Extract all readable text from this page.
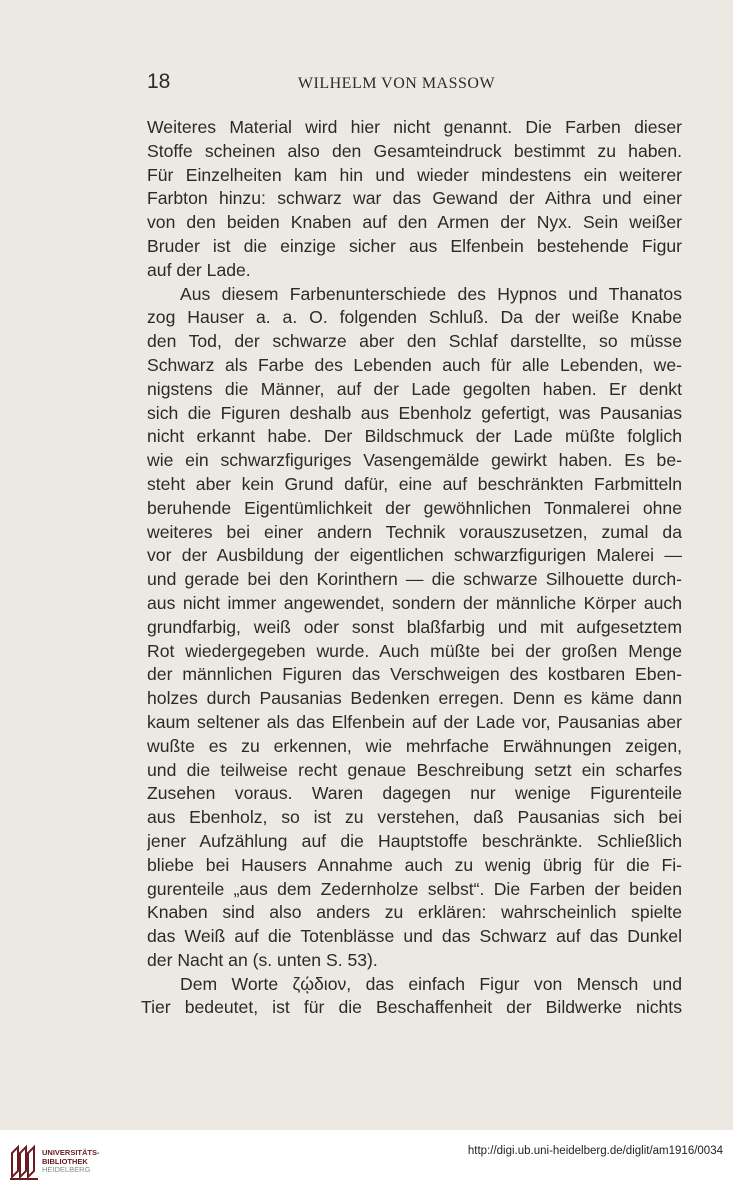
18	WILHELM VON MASSOW
Weiteres Material wird hier nicht genannt. Die Farben dieser
Stoffe scheinen also den Gesamteindruck bestimmt zu haben.
Für Einzelheiten kam hin und wieder mindestens ein weiterer
Farbton hinzu: schwarz war das Gewand der Aithra und einer
von den beiden Knaben auf den Armen der Nyx. Sein weißer
Bruder ist die einzige sicher aus Elfenbein bestehende Figur
auf der Lade.
Aus diesem Farbenunterschiede des Hypnos und Thanatos
zog Hauser a. a. O. folgenden Schluß. Da der weiße Knabe
den Tod, der schwarze aber den Schlaf darstellte, so müsse
Schwarz als Farbe des Lebenden auch für alle Lebenden, we-
nigstens die Männer, auf der Lade gegolten haben. Er denkt
sich die Figuren deshalb aus Ebenholz gefertigt, was Pausanias
nicht erkannt habe. Der Bildschmuck der Lade müßte folglich
wie ein schwarzfiguriges Vasengemälde gewirkt haben. Es be-
steht aber kein Grund dafür, eine auf beschränkten Farbmitteln
beruhende Eigentümlichkeit der gewöhnlichen Tonmalerei ohne
weiteres bei einer andern Technik vorauszusetzen, zumal da
vor der Ausbildung der eigentlichen schwarzfigurigen Malerei —
und gerade bei den Korinthern — die schwarze Silhouette durch-
aus nicht immer angewendet, sondern der männliche Körper auch
grundfarbig, weiß oder sonst blaßfarbig und mit aufgesetztem
Rot wiedergegeben wurde. Auch müßte bei der großen Menge
der männlichen Figuren das Verschweigen des kostbaren Eben-
holzes durch Pausanias Bedenken erregen. Denn es käme dann
kaum seltener als das Elfenbein auf der Lade vor, Pausanias aber
wußte es zu erkennen, wie mehrfache Erwähnungen zeigen,
und die teilweise recht genaue Beschreibung setzt ein scharfes
Zusehen voraus. Waren dagegen nur wenige Figurenteile
aus Ebenholz, so ist zu verstehen, daß Pausanias sich bei
jener Aufzählung auf die Hauptstoffe beschränkte. Schließlich
bliebe bei Hausers Annahme auch zu wenig übrig für die Fi-
gurenteile „aus dem Zedernholze selbst“. Die Farben der beiden
Knaben sind also anders zu erklären: wahrscheinlich spielte
das Weiß auf die Totenblässe und das Schwarz auf das Dunkel
der Nacht an (s. unten S. 53).
Dem Worte ζῴδιον, das einfach Figur von Mensch und
Tier bedeutet, ist für die Beschaffenheit der Bildwerke nichts
UNIVERSITÄTS-
BIBLIOTHEK
HEIDELBERG
http://digi.ub.uni-heidelberg.de/diglit/am1916/0034
